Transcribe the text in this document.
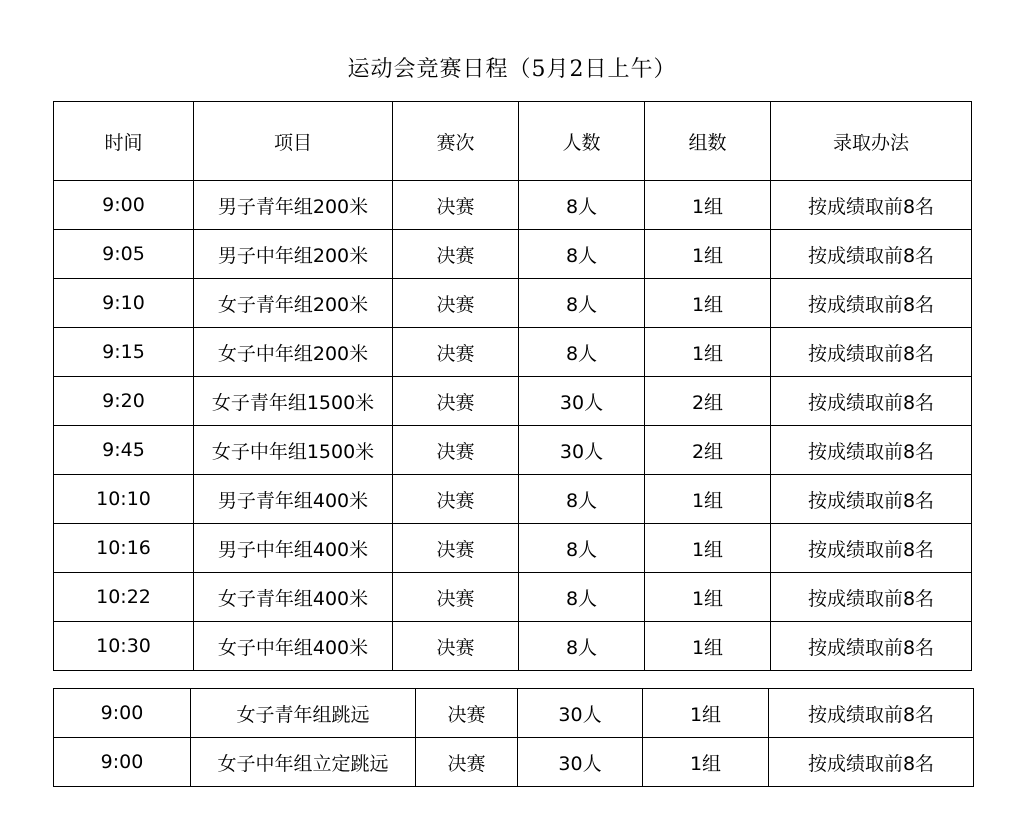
运动会竞赛日程（5月2日上午）
时间	项目	赛次	人数	组数	录取办法
9:00	男子青年组200米	决赛	8人	1组	按成绩取前8名
9:05	男子中年组200米	决赛	8人	1组	按成绩取前8名
9:10	女子青年组200米	决赛	8人	1组	按成绩取前8名
9:15	女子中年组200米	决赛	8人	1组	按成绩取前8名
9:20	女子青年组1500米	决赛	30人	2组	按成绩取前8名
9:45	女子中年组1500米	决赛	30人	2组	按成绩取前8名
10:10	男子青年组400米	决赛	8人	1组	按成绩取前8名
10:16	男子中年组400米	决赛	8人	1组	按成绩取前8名
10:22	女子青年组400米	决赛	8人	1组	按成绩取前8名
10:30	女子中年组400米	决赛	8人	1组	按成绩取前8名
9:00	女子青年组跳远	决赛	30人	1组	按成绩取前8名
9:00	女子中年组立定跳远	决赛	30人	1组	按成绩取前8名
